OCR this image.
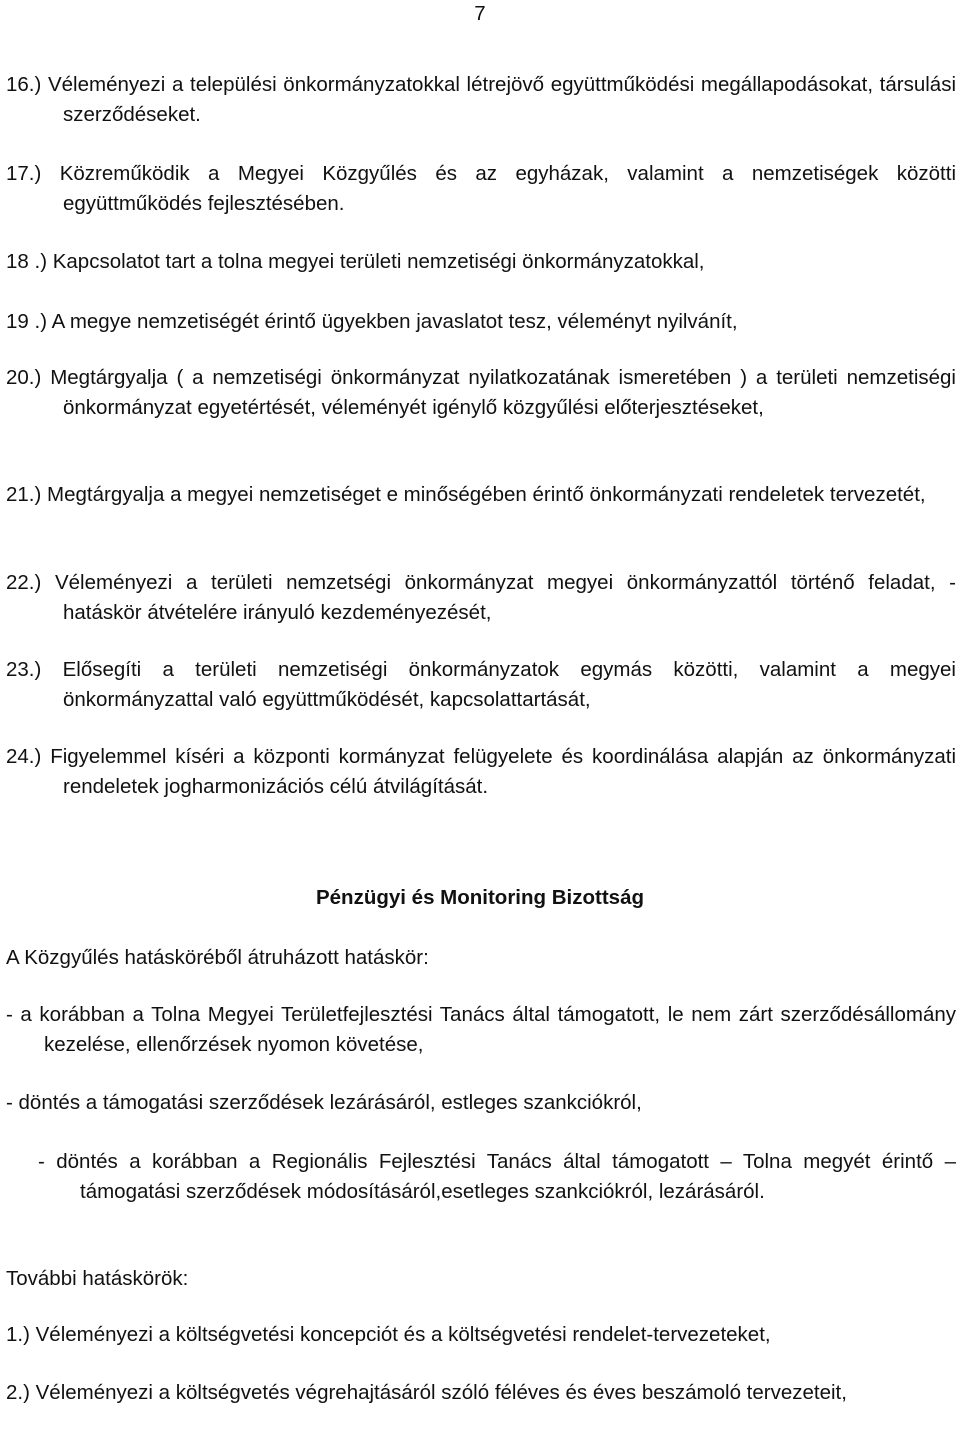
7
16.) Véleményezi a települési önkormányzatokkal létrejövő együttműködési megállapodásokat, társulási szerződéseket.
17.) Közreműködik a Megyei Közgyűlés és az egyházak, valamint a nemzetiségek közötti együttműködés fejlesztésében.
18 .) Kapcsolatot tart a tolna megyei területi nemzetiségi önkormányzatokkal,
19 .) A megye nemzetiségét érintő ügyekben javaslatot tesz, véleményt nyilvánít,
20.) Megtárgyalja ( a nemzetiségi önkormányzat nyilatkozatának ismeretében ) a területi nemzetiségi önkormányzat egyetértését, véleményét igénylő közgyűlési előterjesztéseket,
21.) Megtárgyalja a megyei nemzetiséget e minőségében érintő önkormányzati rendeletek tervezetét,
22.) Véleményezi a területi nemzetségi önkormányzat megyei önkormányzattól történő feladat, - hatáskör átvételére irányuló kezdeményezését,
23.) Elősegíti a területi nemzetiségi önkormányzatok egymás közötti, valamint a megyei önkormányzattal való együttműködését, kapcsolattartását,
24.) Figyelemmel kíséri a központi kormányzat felügyelete és koordinálása alapján az önkormányzati rendeletek jogharmonizációs célú átvilágítását.
Pénzügyi és Monitoring Bizottság
A Közgyűlés hatásköréből átruházott hatáskör:
- a korábban a Tolna Megyei Területfejlesztési Tanács által támogatott, le nem zárt szerződésállomány kezelése, ellenőrzések nyomon követése,
- döntés a támogatási szerződések lezárásáról, estleges szankciókról,
- döntés a korábban a Regionális Fejlesztési Tanács által támogatott – Tolna megyét érintő – támogatási szerződések módosításáról,esetleges szankciókról, lezárásáról.
További hatáskörök:
1.) Véleményezi a költségvetési koncepciót és a költségvetési rendelet-tervezeteket,
2.) Véleményezi a költségvetés végrehajtásáról szóló féléves és éves beszámoló tervezeteit,
